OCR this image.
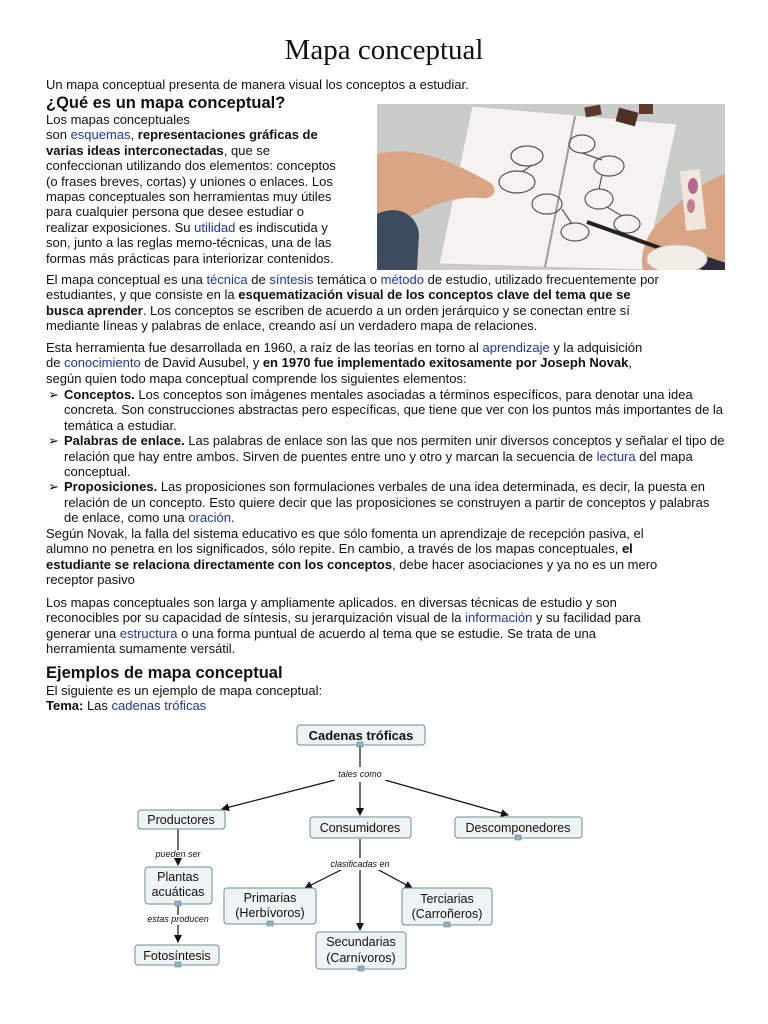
Mapa conceptual

Un mapa conceptual presenta de manera visual los conceptos a estudiar.

¿Qué es un mapa conceptual?
Los mapas conceptuales
son esquemas, representaciones gráficas de
varias ideas interconectadas, que se
confeccionan utilizando dos elementos: conceptos
(o frases breves, cortas) y uniones o enlaces. Los
mapas conceptuales son herramientas muy útiles
para cualquier persona que desee estudiar o
realizar exposiciones. Su utilidad es indiscutida y
son, junto a las reglas memo-técnicas, una de las
formas más prácticas para interiorizar contenidos.
El mapa conceptual es una técnica de síntesis temática o método de estudio, utilizado frecuentemente por
estudiantes, y que consiste en la esquematización visual de los conceptos clave del tema que se
busca aprender. Los conceptos se escriben de acuerdo a un orden jerárquico y se conectan entre sí
mediante líneas y palabras de enlace, creando así un verdadero mapa de relaciones.
Esta herramienta fue desarrollada en 1960, a raíz de las teorías en torno al aprendizaje y la adquisición
de conocimiento de David Ausubel, y en 1970 fue implementado exitosamente por Joseph Novak,
según quien todo mapa conceptual comprende los siguientes elementos:
➢ Conceptos. Los conceptos son imágenes mentales asociadas a términos específicos, para denotar una idea concreta. Son construcciones abstractas pero específicas, que tiene que ver con los puntos más importantes de la temática a estudiar.
➢ Palabras de enlace. Las palabras de enlace son las que nos permiten unir diversos conceptos y señalar el tipo de relación que hay entre ambos. Sirven de puentes entre uno y otro y marcan la secuencia de lectura del mapa conceptual.
➢ Proposiciones. Las proposiciones son formulaciones verbales de una idea determinada, es decir, la puesta en relación de un concepto. Esto quiere decir que las proposiciones se construyen a partir de conceptos y palabras de enlace, como una oración.
Según Novak, la falla del sistema educativo es que sólo fomenta un aprendizaje de recepción pasiva, el
alumno no penetra en los significados, sólo repite. En cambio, a través de los mapas conceptuales, el
estudiante se relaciona directamente con los conceptos, debe hacer asociaciones y ya no es un mero
receptor pasivo
Los mapas conceptuales son larga y ampliamente aplicados. en diversas técnicas de estudio y son
reconocibles por su capacidad de síntesis, su jerarquización visual de la información y su facilidad para
generar una estructura o una forma puntual de acuerdo al tema que se estudie. Se trata de una
herramienta sumamente versátil.
Ejemplos de mapa conceptual
El siguiente es un ejemplo de mapa conceptual:
Tema: Las cadenas tróficas
tales como
pueden ser
estas producen
clasificadas en
Cadenas tróficas
Productores
Consumidores	Descomponedores
Plantas
acuáticas
Fotosíntesis
Primarias
(Herbívoros)
Terciarias
(Carroñeros)
Secundarias
(Carnívoros)
